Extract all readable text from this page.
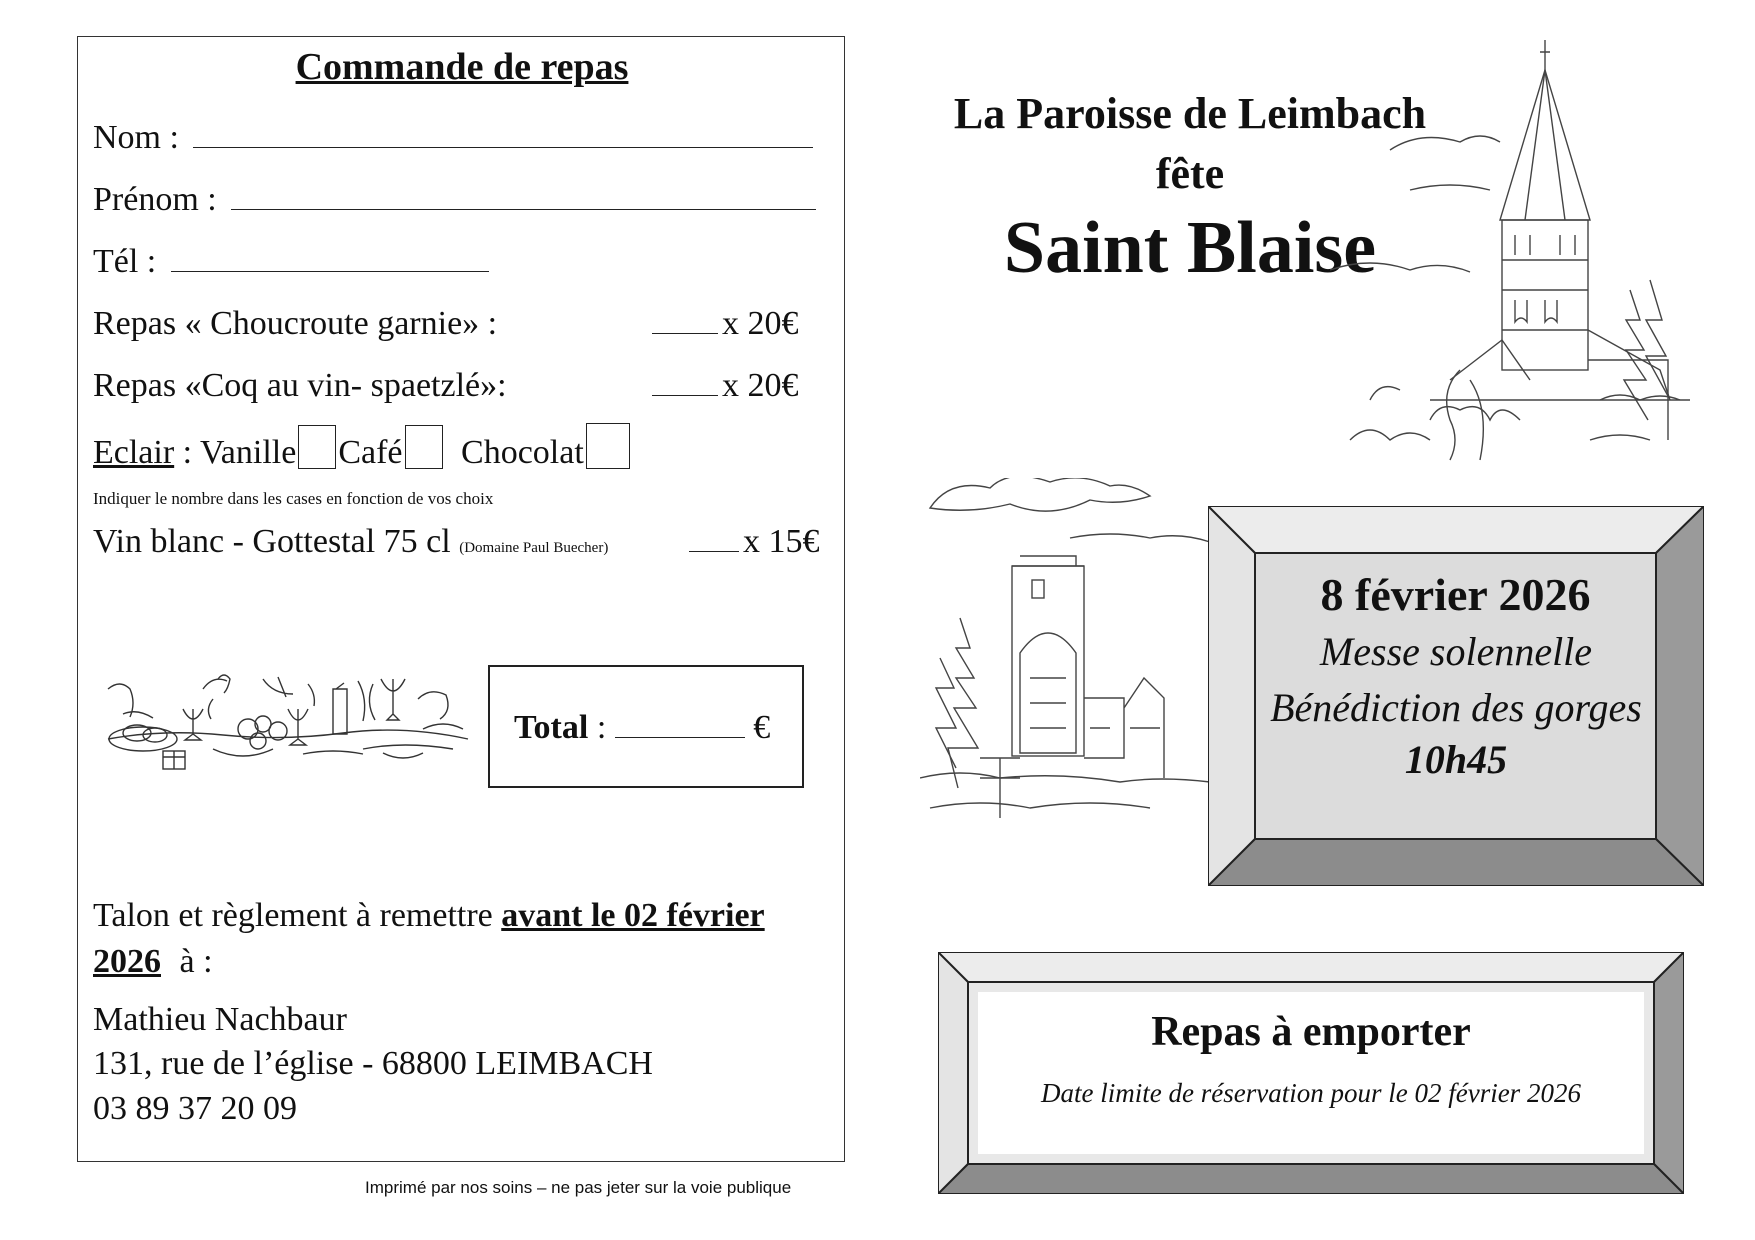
Commande de repas
Nom :
Prénom :
Tél :
Repas « Choucroute garnie» :	x 20€
Repas «Coq au vin- spaetzlé»:	x 20€
Eclair : Vanille Café Chocolat
Indiquer le nombre dans les cases en fonction de vos choix
Vin blanc - Gottestal 75 cl (Domaine Paul Buecher)	x 15€
Total :	€
Talon et règlement à remettre avant le 02 février
2026 à :
Mathieu Nachbaur
131, rue de l’église - 68800 LEIMBACH
03 89 37 20 09
Imprimé par nos soins – ne pas jeter sur la voie publique
La Paroisse de Leimbach
fête
Saint Blaise
8 février 2026
Messe solennelle
Bénédiction des gorges
10h45
Repas à emporter
Date limite de réservation pour le 02 février 2026
